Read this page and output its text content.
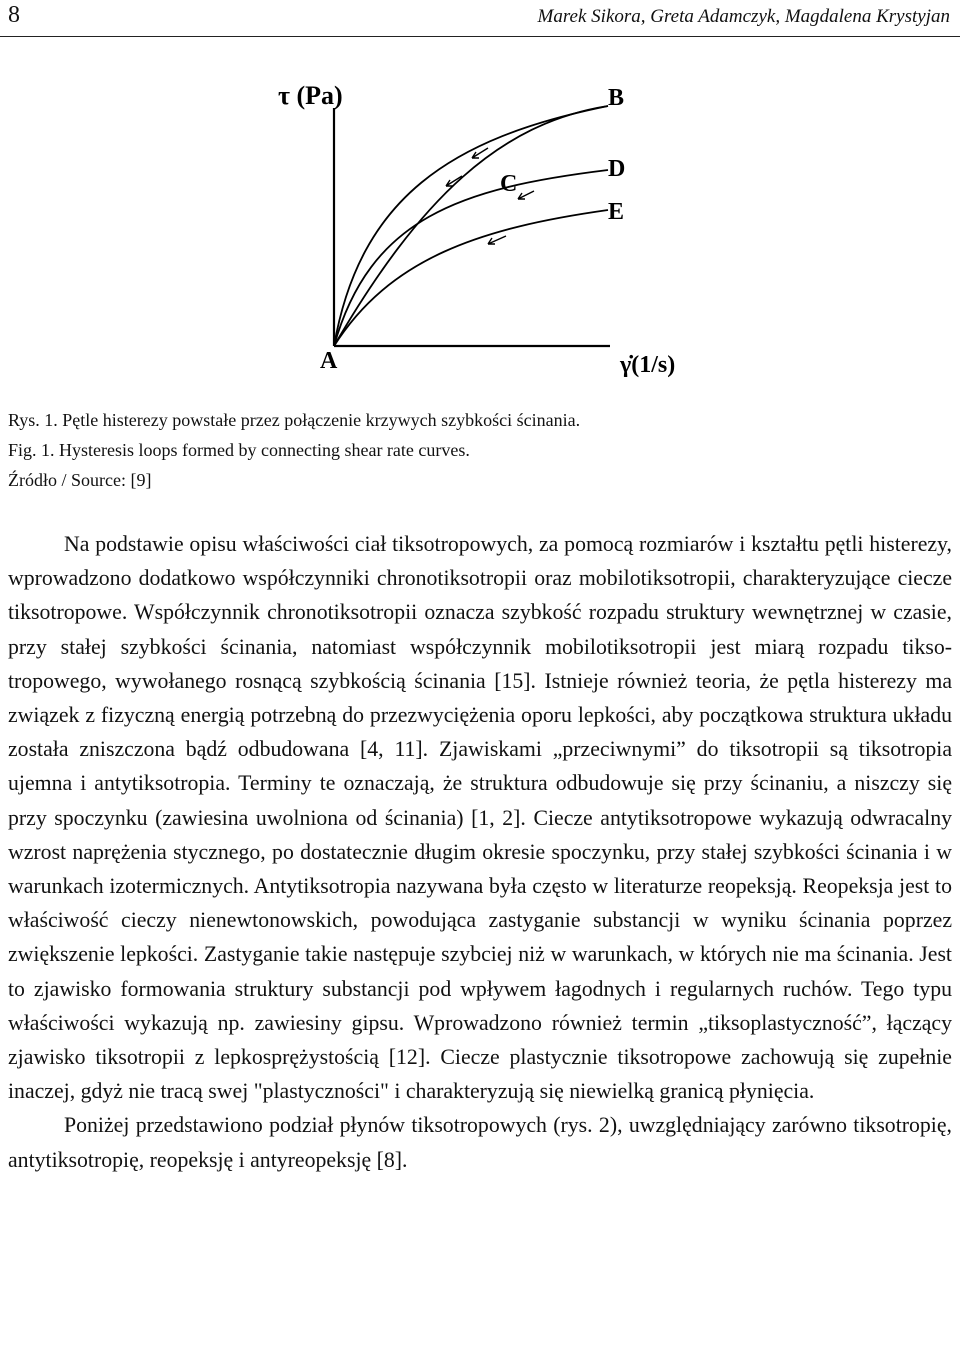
8	Marek Sikora, Greta Adamczyk, Magdalena Krystyjan
τ (Pa)	B
C
D
E
A	γ̇(1/s)
Rys. 1. Pętle histerezy powstałe przez połączenie krzywych szybkości ścinania.
Fig. 1. Hysteresis loops formed by connecting shear rate curves.
Źródło / Source: [9]

Na podstawie opisu właściwości ciał tiksotropowych, za pomocą rozmiarów i kształtu pętli histerezy, wprowadzono dodatkowo współczynniki chronotiksotropii oraz mobilotiksotropii, charakteryzujące ciecze tiksotropowe. Współczynnik chronotiksotropii oznacza szybkość rozpadu struktury wewnętrznej w czasie, przy stałej szybkości ścinania, natomiast współczynnik mobilotiksotropii jest miarą rozpadu tiksotropowego, wywołanego rosnącą szybkością ścinania [15]. Istnieje również teoria, że pętla histerezy ma związek z fizyczną energią potrzebną do przezwyciężenia oporu lepkości, aby początkowa struktura układu została zniszczona bądź odbudowana [4, 11]. Zjawiskami „przeciwnymi” do tiksotropii są tiksotropia ujemna i antytiksotropia. Terminy te oznaczają, że struktura odbudowuje się przy ścinaniu, a niszczy się przy spoczynku (zawiesina uwolniona od ścinania) [1, 2]. Ciecze antytiksotropowe wykazują odwracalny wzrost naprężenia stycznego, po dostatecznie długim okresie spoczynku, przy stałej szybkości ścinania i w warunkach izotermicznych. Antytiksotropia nazywana była często w literaturze reopeksją. Reopeksja jest to właściwość cieczy nienewtonowskich, powodująca zastyganie substancji w wyniku ścinania poprzez zwiększenie lepkości. Zastyganie takie następuje szybciej niż w warunkach, w których nie ma ścinania. Jest to zjawisko formowania struktury substancji pod wpływem łagodnych i regularnych ruchów. Tego typu właściwości wykazują np. zawiesiny gipsu. Wprowadzono również termin „tiksoplastyczność”, łączący zjawisko tiksotropii z lepkosprężystością [12]. Ciecze plastycznie tiksotropowe zachowują się zupełnie inaczej, gdyż nie tracą swej "plastyczności" i charakteryzują się niewielką granicą płynięcia.

Poniżej przedstawiono podział płynów tiksotropowych (rys. 2), uwzględniający zarówno tiksotropię, antytiksotropię, reopeksję i antyreopeksję [8].
